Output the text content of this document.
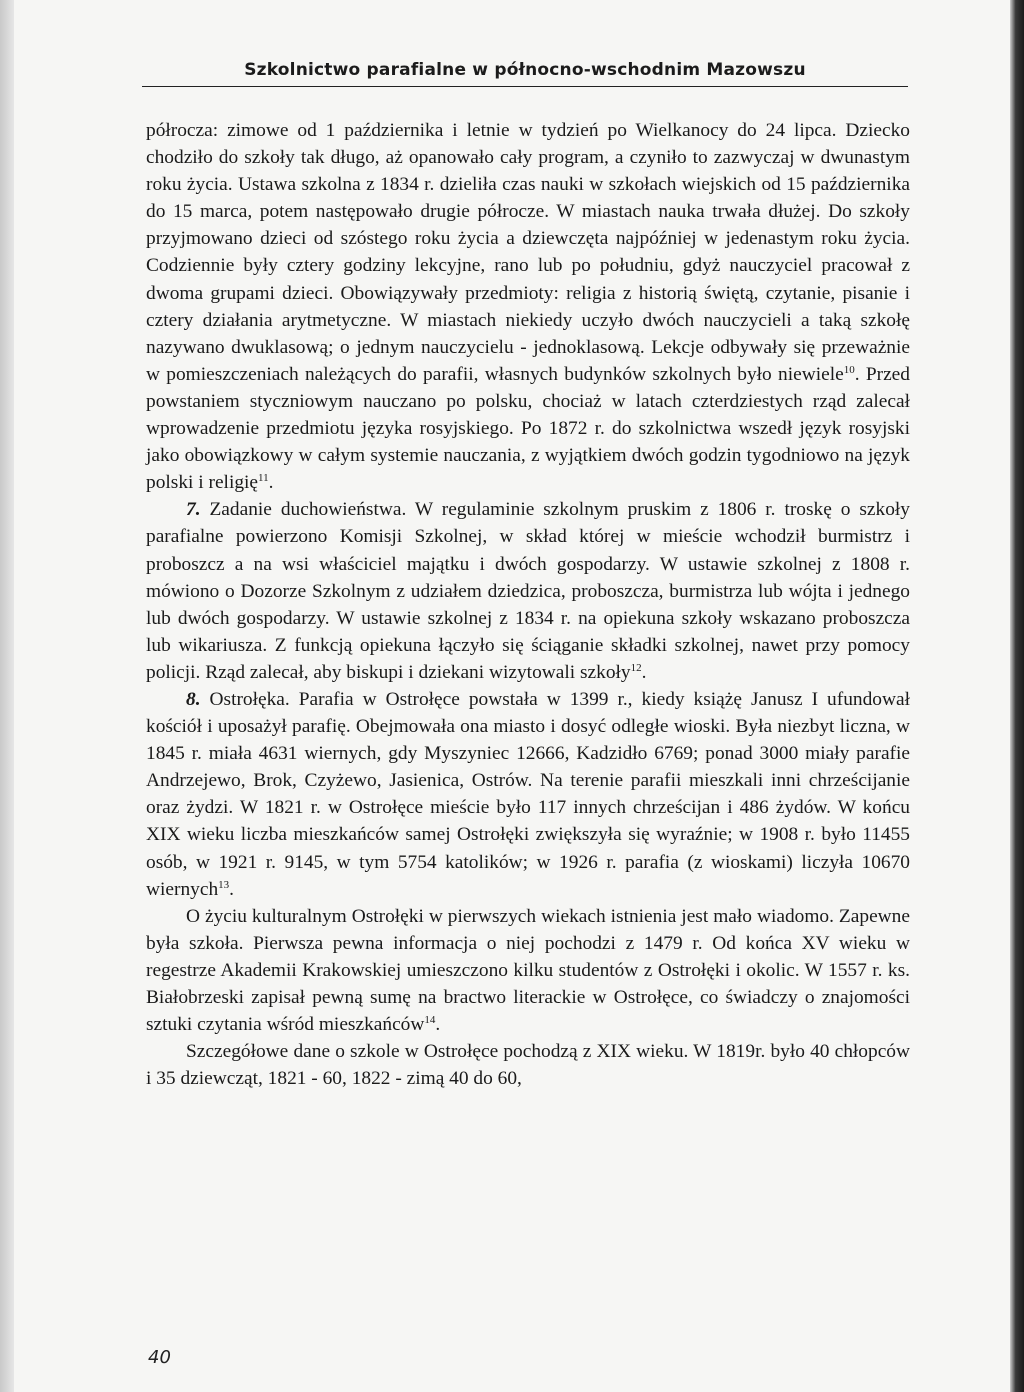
Szkolnictwo parafialne w północno-wschodnim Mazowszu

półrocza: zimowe od 1 października i letnie w tydzień po Wielkanocy do 24 lipca. Dziecko chodziło do szkoły tak długo, aż opanowało cały program, a czyniło to zazwyczaj w dwunastym roku życia. Ustawa szkolna z 1834 r. dzieliła czas nauki w szkołach wiejskich od 15 października do 15 marca, potem następowało drugie półrocze. W miastach nauka trwała dłużej. Do szkoły przyjmowano dzieci od szóstego roku życia a dziewczęta najpóźniej w jedenastym roku życia. Codziennie były cztery godziny lekcyjne, rano lub po południu, gdyż nauczyciel pracował z dwoma grupami dzieci. Obowiązywały przedmioty: religia z historią świętą, czytanie, pisanie i cztery działania arytmetyczne. W miastach niekiedy uczyło dwóch nauczycieli a taką szkołę nazywano dwuklasową; o jednym nauczycielu - jednoklasową. Lekcje odbywały się przeważnie w pomieszczeniach należących do parafii, własnych budynków szkolnych było niewiele$^{10}$. Przed powstaniem styczniowym nauczano po polsku, chociaż w latach czterdziestych rząd zalecał wprowadzenie przedmiotu języka rosyjskiego. Po 1872 r. do szkolnictwa wszedł język rosyjski jako obowiązkowy w całym systemie nauczania, z wyjątkiem dwóch godzin tygodniowo na język polski i religię$^{11}$.

7. Zadanie duchowieństwa. W regulaminie szkolnym pruskim z 1806 r. troskę o szkoły parafialne powierzono Komisji Szkolnej, w skład której w mieście wchodził burmistrz i proboszcz a na wsi właściciel majątku i dwóch gospodarzy. W ustawie szkolnej z 1808 r. mówiono o Dozorze Szkolnym z udziałem dziedzica, proboszcza, burmistrza lub wójta i jednego lub dwóch gospodarzy. W ustawie szkolnej z 1834 r. na opiekuna szkoły wskazano proboszcza lub wikariusza. Z funkcją opiekuna łączyło się ściąganie składki szkolnej, nawet przy pomocy policji. Rząd zalecał, aby biskupi i dziekani wizytowali szkoły$^{12}$.

8. Ostrołęka. Parafia w Ostrołęce powstała w 1399 r., kiedy książę Janusz I ufundował kościół i uposażył parafię. Obejmowała ona miasto i dosyć odległe wioski. Była niezbyt liczna, w 1845 r. miała 4631 wiernych, gdy Myszyniec 12666, Kadzidło 6769; ponad 3000 miały parafie Andrzejewo, Brok, Czyżewo, Jasienica, Ostrów. Na terenie parafii mieszkali inni chrześcijanie oraz żydzi. W 1821 r. w Ostrołęce mieście było 117 innych chrześcijan i 486 żydów. W końcu XIX wieku liczba mieszkańców samej Ostrołęki zwiększyła się wyraźnie; w 1908 r. było 11455 osób, w 1921 r. 9145, w tym 5754 katolików; w 1926 r. parafia (z wioskami) liczyła 10670 wiernych$^{13}$.

O życiu kulturalnym Ostrołęki w pierwszych wiekach istnienia jest mało wiadomo. Zapewne była szkoła. Pierwsza pewna informacja o niej pochodzi z 1479 r. Od końca XV wieku w regestrze Akademii Krakowskiej umieszczono kilku studentów z Ostrołęki i okolic. W 1557 r. ks. Białobrzeski zapisał pewną sumę na bractwo literackie w Ostrołęce, co świadczy o znajomości sztuki czytania wśród mieszkańców$^{14}$.

Szczegółowe dane o szkole w Ostrołęce pochodzą z XIX wieku. W 1819r. było 40 chłopców i 35 dziewcząt, 1821 - 60, 1822 - zimą 40 do 60,

40
